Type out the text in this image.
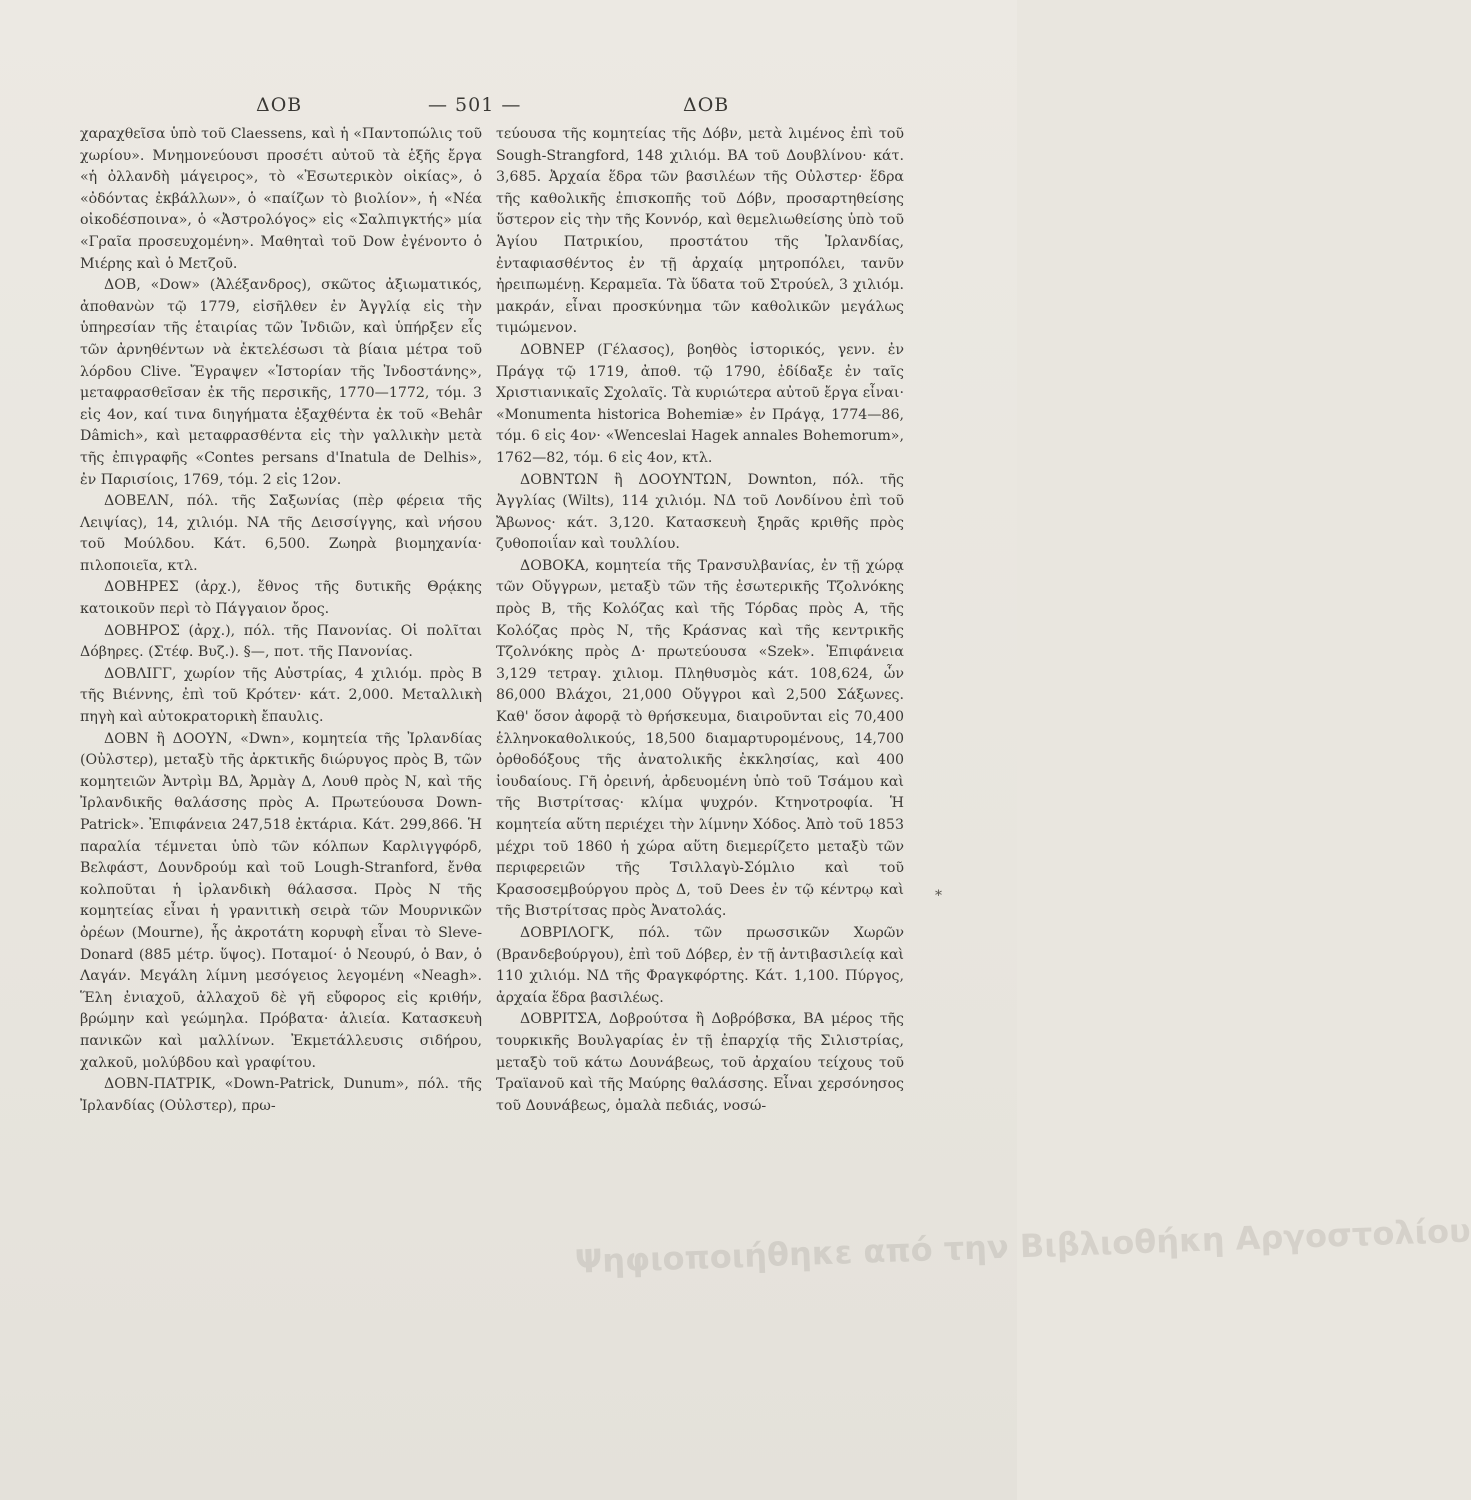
ΔΟΒ	— 501 —	ΔΟΒ

χαραχθεῖσα ὑπὸ τοῦ Claessens, καὶ ἡ «Παντοπώλις τοῦ χωρίου». Μνημονεύουσι προσέτι αὐτοῦ τὰ ἑξῆς ἔργα «ἡ ὀλλανδὴ μάγειρος», τὸ «Ἐσωτερικὸν οἰκίας», ὁ «ὀδόντας ἐκβάλλων», ὁ «παίζων τὸ βιολίον», ἡ «Νέα οἰκοδέσποινα», ὁ «Ἀστρολόγος» εἰς «Σαλπιγκτής» μία «Γραῖα προσευχομένη». Μαθηταὶ τοῦ Dow ἐγένοντο ὁ Μιέρης καὶ ὁ Μετζοῦ.

ΔΟΒ, «Dow» (Ἀλέξανδρος), σκῶτος ἀξιωματικός, ἀποθανὼν τῷ 1779, εἰσῆλθεν ἐν Ἀγγλίᾳ εἰς τὴν ὑπηρεσίαν τῆς ἑταιρίας τῶν Ἰνδιῶν, καὶ ὑπήρξεν εἷς τῶν ἀρνηθέντων νὰ ἐκτελέσωσι τὰ βίαια μέτρα τοῦ λόρδου Clive. Ἔγραψεν «Ἱστορίαν τῆς Ἰνδοστάνης», μεταφρασθεῖσαν ἐκ τῆς περσικῆς, 1770—1772, τόμ. 3 εἰς 4ον, καί τινα διηγήματα ἐξαχθέντα ἐκ τοῦ «Behâr Dâmich», καὶ μεταφρασθέντα εἰς τὴν γαλλικὴν μετὰ τῆς ἐπιγραφῆς «Contes persans d'Inatula de Delhis», ἐν Παρισίοις, 1769, τόμ. 2 εἰς 12ον.

ΔΟΒΕΛΝ, πόλ. τῆς Σαξωνίας (πὲρ φέρεια τῆς Λειψίας), 14, χιλιόμ. ΝΑ τῆς Δεισσίγγης, καὶ νήσου τοῦ Μούλδου. Κάτ. 6,500. Ζωηρὰ βιομηχανία· πιλοποιεῖα, κτλ.

ΔΟΒΗΡΕΣ (ἀρχ.), ἔθνος τῆς δυτικῆς Θρᾴκης κατοικοῦν περὶ τὸ Πάγγαιον ὄρος.

ΔΟΒΗΡΟΣ (ἀρχ.), πόλ. τῆς Πανονίας. Οἱ πολῖται Δόβηρες. (Στέφ. Βυζ.). §—, ποτ. τῆς Πανονίας.

ΔΟΒΛΙΓΓ, χωρίον τῆς Αὐστρίας, 4 χιλιόμ. πρὸς Β τῆς Βιέννης, ἐπὶ τοῦ Κρότεν· κάτ. 2,000. Μεταλλικὴ πηγὴ καὶ αὐτοκρατορικὴ ἔπαυλις.

ΔΟΒΝ ἢ ΔΟΟΥΝ, «Dwn», κομητεία τῆς Ἰρλανδίας (Οὐλστερ), μεταξὺ τῆς ἀρκτικῆς διώρυγος πρὸς Β, τῶν κομητειῶν Ἀντρὶμ ΒΔ, Ἀρμὰγ Δ, Λουθ πρὸς Ν, καὶ τῆς Ἰρλανδικῆς θαλάσσης πρὸς Α. Πρωτεύουσα Down-Patrick». Ἐπιφάνεια 247,518 ἐκτάρια. Κάτ. 299,866. Ἡ παραλία τέμνεται ὑπὸ τῶν κόλπων Καρλιγγφόρδ, Βελφάστ, Δουνδρούμ καὶ τοῦ Lough-Stranford, ἔνθα κολποῦται ἡ ἰρλανδικὴ θάλασσα. Πρὸς Ν τῆς κομητείας εἶναι ἡ γρανιτικὴ σειρὰ τῶν Μουρνικῶν ὀρέων (Mourne), ἧς ἀκροτάτη κορυφὴ εἶναι τὸ Sleve-Donard (885 μέτρ. ὕψος). Ποταμοί· ὁ Νεουρύ, ὁ Βαν, ὁ Λαγάν. Μεγάλη λίμνη μεσόγειος λεγομένη «Neagh». Ἕλη ἐνιαχοῦ, ἀλλαχοῦ δὲ γῆ εὔφορος εἰς κριθήν, βρώμην καὶ γεώμηλα. Πρόβατα· ἁλιεία. Κατασκευὴ πανικῶν καὶ μαλλίνων. Ἐκμετάλλευσις σιδήρου, χαλκοῦ, μολύβδου καὶ γραφίτου.

ΔΟΒΝ-ΠΑΤΡΙΚ, «Down-Patrick, Dunum», πόλ. τῆς Ἰρλανδίας (Οὐλστερ), πρω-

τεύουσα τῆς κομητείας τῆς Δόβν, μετὰ λιμένος ἐπὶ τοῦ Sough-Strangford, 148 χιλιόμ. ΒΑ τοῦ Δουβλίνου· κάτ. 3,685. Ἀρχαία ἕδρα τῶν βασιλέων τῆς Οὐλστερ· ἕδρα τῆς καθολικῆς ἐπισκοπῆς τοῦ Δόβν, προσαρτηθείσης ὕστερον εἰς τὴν τῆς Κοννόρ, καὶ θεμελιωθείσης ὑπὸ τοῦ Ἁγίου Πατρικίου, προστάτου τῆς Ἰρλανδίας, ἐνταφιασθέντος ἐν τῇ ἀρχαίᾳ μητροπόλει, τανῦν ἠρειπωμένῃ. Κεραμεῖα. Τὰ ὕδατα τοῦ Στρούελ, 3 χιλιόμ. μακράν, εἶναι προσκύνημα τῶν καθολικῶν μεγάλως τιμώμενον.

ΔΟΒΝΕΡ (Γέλασος), βοηθὸς ἱστορικός, γενν. ἐν Πράγᾳ τῷ 1719, ἀποθ. τῷ 1790, ἐδίδαξε ἐν ταῖς Χριστιανικαῖς Σχολαῖς. Τὰ κυριώτερα αὐτοῦ ἔργα εἶναι· «Monumenta historica Bohemiæ» ἐν Πράγᾳ, 1774—86, τόμ. 6 εἰς 4ον· «Wenceslai Hagek annales Bohemorum», 1762—82, τόμ. 6 εἰς 4ον, κτλ.

ΔΟΒΝΤΩΝ ἢ ΔΟΟΥΝΤΩΝ, Downton, πόλ. τῆς Ἀγγλίας (Wilts), 114 χιλιόμ. ΝΔ τοῦ Λονδίνου ἐπὶ τοῦ Ἄβωνος· κάτ. 3,120. Κατασκευὴ ξηρᾶς κριθῆς πρὸς ζυθοποιΐαν καὶ τουλλίου.

ΔΟΒΟΚΑ, κομητεία τῆς Τρανσυλβανίας, ἐν τῇ χώρᾳ τῶν Οὔγγρων, μεταξὺ τῶν τῆς ἐσωτερικῆς Τζολνόκης πρὸς Β, τῆς Κολόζας καὶ τῆς Τόρδας πρὸς Α, τῆς Κολόζας πρὸς Ν, τῆς Κράσνας καὶ τῆς κεντρικῆς Τζολνόκης πρὸς Δ· πρωτεύουσα «Szek». Ἐπιφάνεια 3,129 τετραγ. χιλιομ. Πληθυσμὸς κάτ. 108,624, ὧν 86,000 Βλάχοι, 21,000 Οὔγγροι καὶ 2,500 Σάξωνες. Καθ' ὅσον ἀφορᾷ τὸ θρήσκευμα, διαιροῦνται εἰς 70,400 ἑλληνοκαθολικούς, 18,500 διαμαρτυρομένους, 14,700 ὀρθοδόξους τῆς ἀνατολικῆς ἐκκλησίας, καὶ 400 ἰουδαίους. Γῆ ὀρεινή, ἀρδευομένη ὑπὸ τοῦ Τσάμου καὶ τῆς Βιστρίτσας· κλίμα ψυχρόν. Κτηνοτροφία. Ἡ κομητεία αὕτη περιέχει τὴν λίμνην Χόδος. Ἀπὸ τοῦ 1853 μέχρι τοῦ 1860 ἡ χώρα αὕτη διεμερίζετο μεταξὺ τῶν περιφερειῶν τῆς Τσιλλαγὺ-Σόμλιο καὶ τοῦ Κρασοσεμβούργου πρὸς Δ, τοῦ Dees ἐν τῷ κέντρῳ καὶ τῆς Βιστρίτσας πρὸς Ἀνατολάς.

ΔΟΒΡΙΛΟΓΚ, πόλ. τῶν πρωσσικῶν Χωρῶν (Βρανδεβούργου), ἐπὶ τοῦ Δόβερ, ἐν τῇ ἀντιβασιλείᾳ καὶ 110 χιλιόμ. ΝΔ τῆς Φραγκφόρτης. Κάτ. 1,100. Πύργος, ἀρχαία ἕδρα βασιλέως.

ΔΟΒΡΙΤΣΑ, Δοβρούτσα ἢ Δοβρόβσκα, ΒΑ μέρος τῆς τουρκικῆς Βουλγαρίας ἐν τῇ ἐπαρχίᾳ τῆς Σιλιστρίας, μεταξὺ τοῦ κάτω Δουνάβεως, τοῦ ἀρχαίου τείχους τοῦ Τραϊανοῦ καὶ τῆς Μαύρης θαλάσσης. Εἶναι χερσόνησος τοῦ Δουνάβεως, ὁμαλὰ πεδιάς, νοσώ-

*
Ψηφιοποιήθηκε από την Βιβλιοθήκη Αργοστολίου
